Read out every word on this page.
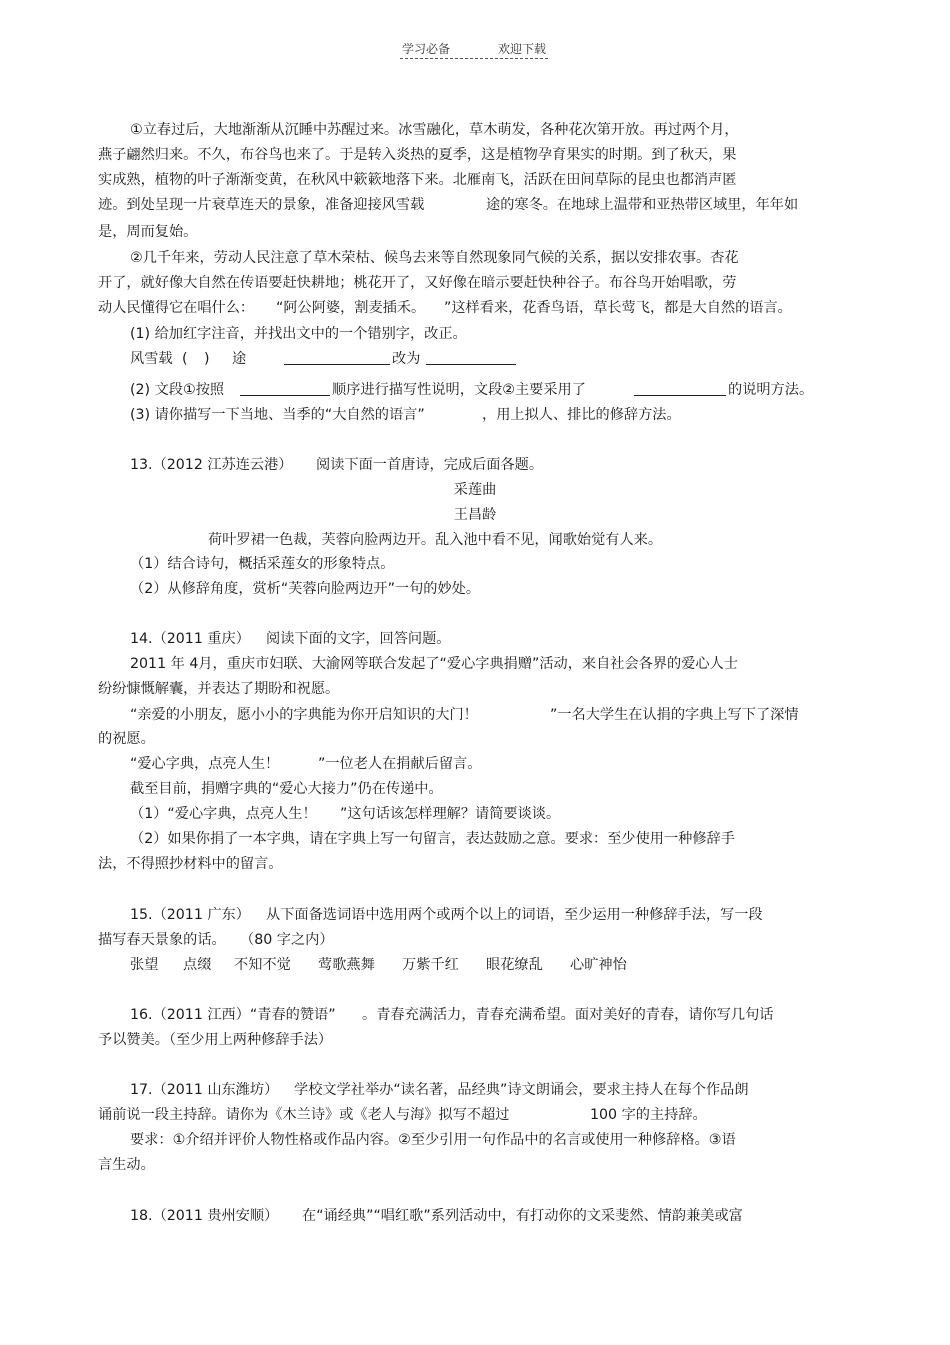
学习必备	欢迎下载
①立春过后，大地渐渐从沉睡中苏醒过来。冰雪融化，草木萌发，各种花次第开放。再过两个月，
燕子翩然归来。不久，布谷鸟也来了。于是转入炎热的夏季，这是植物孕育果实的时期。到了秋天，果
实成熟，植物的叶子渐渐变黄，在秋风中簌簌地落下来。北雁南飞，活跃在田间草际的昆虫也都消声匿
迹。到处呈现一片衰草连天的景象，准备迎接风雪载	途的寒冬。在地球上温带和亚热带区域里，年年如
是，周而复始。
②几千年来，劳动人民注意了草木荣枯、候鸟去来等自然现象同气候的关系，据以安排农事。杏花
开了，就好像大自然在传语要赶快耕地；桃花开了，又好像在暗示要赶快种谷子。布谷鸟开始唱歌，劳
动人民懂得它在唱什么： “阿公阿婆，割麦插禾。 ”这样看来，花香鸟语，草长莺飞，都是大自然的语言。
(1) 给加红字注音，并找出文中的一个错别字，改正。
风雪载 ( ) 途	改为
(2) 文段①按照	顺序进行描写性说明，文段②主要采用了	的说明方法。
(3) 请你描写一下当地、当季的“大自然的语言”	，用上拟人、排比的修辞方法。
13.（2012 江苏连云港） 阅读下面一首唐诗，完成后面各题。
采莲曲
王昌龄
荷叶罗裙一色裁，芙蓉向脸两边开。乱入池中看不见，闻歌始觉有人来。
（1）结合诗句，概括采莲女的形象特点。
（2）从修辞角度，赏析“芙蓉向脸两边开”一句的妙处。
14.（2011 重庆） 阅读下面的文字，回答问题。
2011 年 4月，重庆市妇联、大渝网等联合发起了“爱心字典捐赠”活动，来自社会各界的爱心人士
纷纷慷慨解囊，并表达了期盼和祝愿。
“亲爱的小朋友，愿小小的字典能为你开启知识的大门！	”一名大学生在认捐的字典上写下了深情
的祝愿。
“爱心字典，点亮人生！	”一位老人在捐献后留言。
截至目前，捐赠字典的“爱心大接力”仍在传递中。
（1）“爱心字典，点亮人生！ ”这句话该怎样理解？请简要谈谈。
（2）如果你捐了一本字典，请在字典上写一句留言，表达鼓励之意。要求：至少使用一种修辞手
法，不得照抄材料中的留言。
15.（2011 广东） 从下面备选词语中选用两个或两个以上的词语，至少运用一种修辞手法，写一段
描写春天景象的话。 （80 字之内）
张望 点缀 不知不觉 莺歌燕舞 万紫千红 眼花缭乱 心旷神怡
16.（2011 江西）“青春的赞语” 。青春充满活力，青春充满希望。面对美好的青春，请你写几句话
予以赞美。（至少用上两种修辞手法）
17.（2011 山东潍坊） 学校文学社举办“读名著，品经典”诗文朗诵会，要求主持人在每个作品朗
诵前说一段主持辞。请你为《木兰诗》或《老人与海》拟写不超过	100 字的主持辞。
要求：①介绍并评价人物性格或作品内容。②至少引用一句作品中的名言或使用一种修辞格。③语
言生动。
18.（2011 贵州安顺） 在“诵经典”“唱红歌”系列活动中，有打动你的文采斐然、情韵兼美或富
